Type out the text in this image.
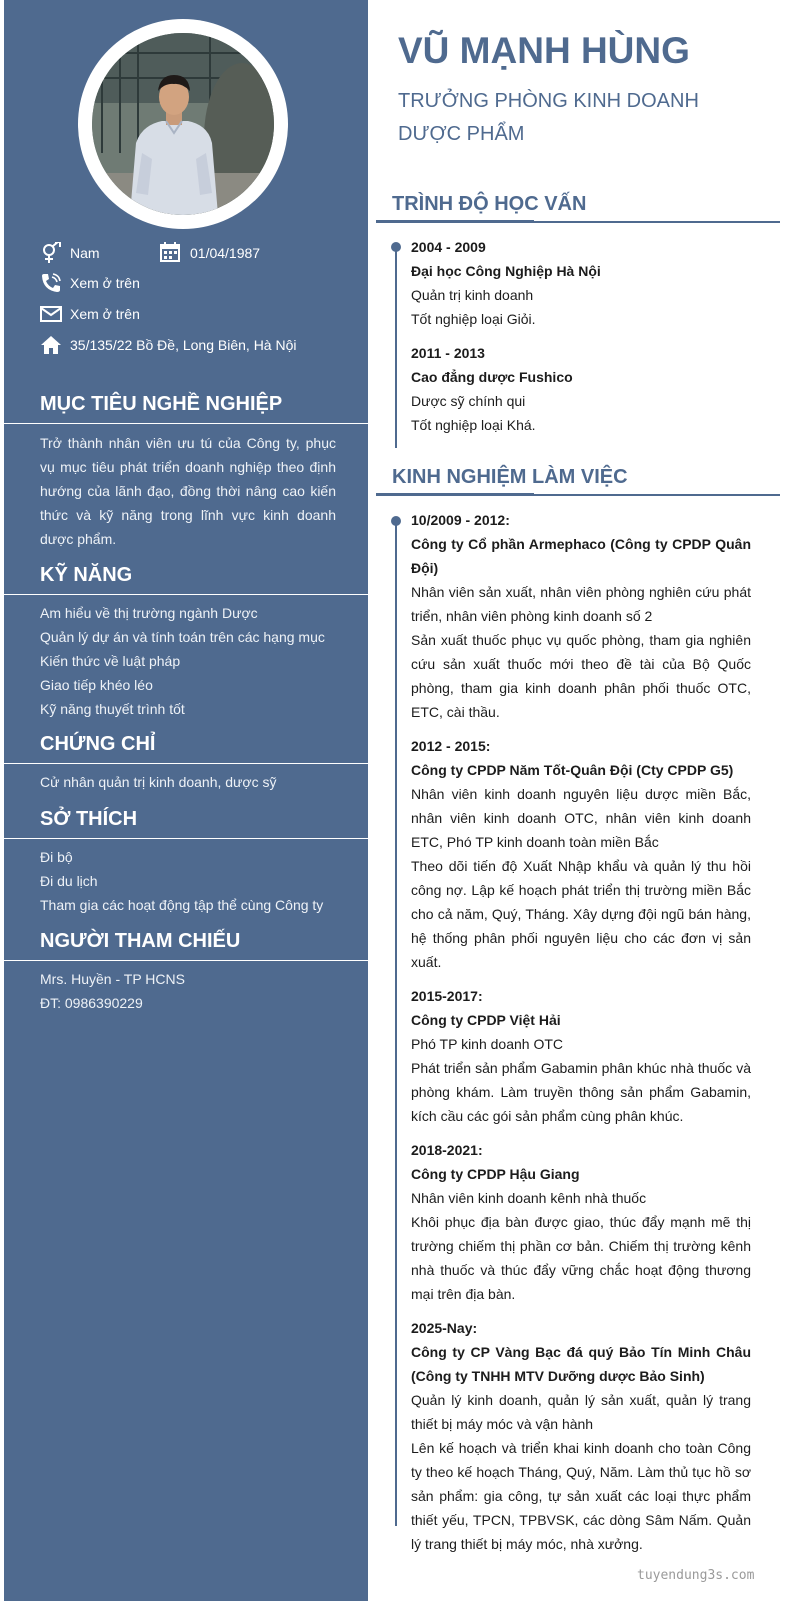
Nam	01/04/1987
Xem ở trên
Xem ở trên
35/135/22 Bồ Đề, Long Biên, Hà Nội
MỤC TIÊU NGHỀ NGHIỆP

Trở thành nhân viên ưu tú của Công ty, phục vụ mục tiêu phát triển doanh nghiệp theo định hướng của lãnh đạo, đồng thời nâng cao kiến thức và kỹ năng trong lĩnh vực kinh doanh dược phẩm.

KỸ NĂNG
Am hiểu về thị trường ngành Dược
Quản lý dự án và tính toán trên các hạng mục
Kiến thức về luật pháp
Giao tiếp khéo léo
Kỹ năng thuyết trình tốt
CHỨNG CHỈ
Cử nhân quản trị kinh doanh, dược sỹ
SỞ THÍCH
Đi bộ
Đi du lịch
Tham gia các hoạt động tập thể cùng Công ty
NGƯỜI THAM CHIẾU
Mrs. Huyền - TP HCNS
ĐT: 0986390229
VŨ MẠNH HÙNG
TRƯỞNG PHÒNG KINH DOANH
DƯỢC PHẨM
TRÌNH ĐỘ HỌC VẤN

2004 - 2009

Đại học Công Nghiệp Hà Nội

Quản trị kinh doanh

Tốt nghiệp loại Giỏi.

2011 - 2013

Cao đẳng dược Fushico

Dược sỹ chính qui

Tốt nghiệp loại Khá.

KINH NGHIỆM LÀM VIỆC

10/2009 - 2012:

Công ty Cổ phần Armephaco (Công ty CPDP Quân Đội)

Nhân viên sản xuất, nhân viên phòng nghiên cứu phát triển, nhân viên phòng kinh doanh số 2

Sản xuất thuốc phục vụ quốc phòng, tham gia nghiên cứu sản xuất thuốc mới theo đề tài của Bộ Quốc phòng, tham gia kinh doanh phân phối thuốc OTC, ETC, cài thầu.

2012 - 2015:

Công ty CPDP Năm Tốt-Quân Đội (Cty CPDP G5)

Nhân viên kinh doanh nguyên liệu dược miền Bắc, nhân viên kinh doanh OTC, nhân viên kinh doanh ETC, Phó TP kinh doanh toàn miền Bắc

Theo dõi tiến độ Xuất Nhập khẩu và quản lý thu hồi công nợ. Lập kế hoạch phát triển thị trường miền Bắc cho cả năm, Quý, Tháng. Xây dựng đội ngũ bán hàng, hệ thống phân phối nguyên liệu cho các đơn vị sản xuất.

2015-2017:

Công ty CPDP Việt Hải

Phó TP kinh doanh OTC

Phát triển sản phẩm Gabamin phân khúc nhà thuốc và phòng khám. Làm truyền thông sản phẩm Gabamin, kích cầu các gói sản phẩm cùng phân khúc.

2018-2021:

Công ty CPDP Hậu Giang

Nhân viên kinh doanh kênh nhà thuốc

Khôi phục địa bàn được giao, thúc đẩy mạnh mẽ thị trường chiếm thị phần cơ bản. Chiếm thị trường kênh nhà thuốc và thúc đẩy vững chắc hoạt động thương mại trên địa bàn.

2025-Nay:

Công ty CP Vàng Bạc đá quý Bảo Tín Minh Châu (Công ty TNHH MTV Dưỡng dược Bảo Sinh)

Quản lý kinh doanh, quản lý sản xuất, quản lý trang thiết bị máy móc và vận hành

Lên kế hoạch và triển khai kinh doanh cho toàn Công ty theo kế hoạch Tháng, Quý, Năm. Làm thủ tục hồ sơ sản phẩm: gia công, tự sản xuất các loại thực phẩm thiết yếu, TPCN, TPBVSK, các dòng Sâm Nấm. Quản lý trang thiết bị máy móc, nhà xưởng.

tuyendung3s.com
